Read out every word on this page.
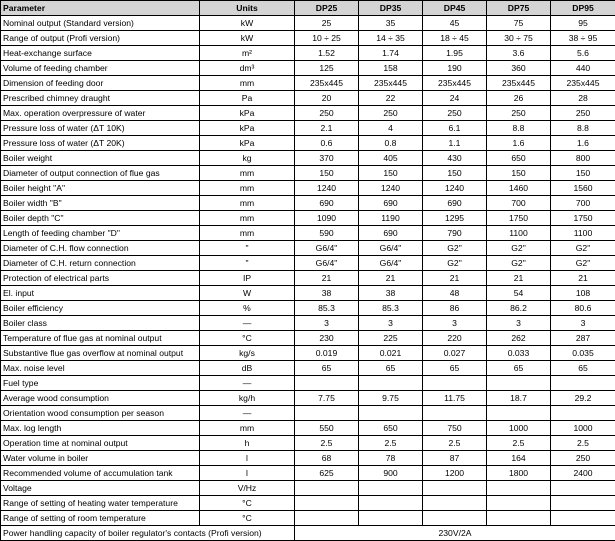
Parameter	Units	DP25	DP35	DP45	DP75	DP95
Nominal output (Standard version)	kW	25	35	45	75	95
Range of output (Profi version)	kW	10 ÷ 25	14 ÷ 35	18 ÷ 45	30 ÷ 75	38 ÷ 95
Heat-exchange surface	m²	1.52	1.74	1.95	3.6	5.6
Volume of feeding chamber	dm³	125	158	190	360	440
Dimension of feeding door	mm	235x445	235x445	235x445	235x445	235x445
Prescribed chimney draught	Pa	20	22	24	26	28
Max. operation overpressure of water	kPa	250	250	250	250	250
Pressure loss of water (ΔT 10K)	kPa	2.1	4	6.1	8.8	8.8
Pressure loss of water (ΔT 20K)	kPa	0.6	0.8	1.1	1.6	1.6
Boiler weight	kg	370	405	430	650	800
Diameter of output connection of flue gas	mm	150	150	150	150	150
Boiler height "A"	mm	1240	1240	1240	1460	1560
Boiler width "B"	mm	690	690	690	700	700
Boiler depth "C"	mm	1090	1190	1295	1750	1750
Length of feeding chamber "D"	mm	590	690	790	1100	1100
Diameter of C.H. flow connection	"	G6/4"	G6/4"	G2"	G2"	G2"
Diameter of C.H. return connection	"	G6/4"	G6/4"	G2"	G2"	G2"
Protection of electrical parts	IP	21	21	21	21	21
El. input	W	38	38	48	54	108
Boiler efficiency	%	85.3	85.3	86	86.2	80.6
Boiler class	—	3	3	3	3	3
Temperature of flue gas at nominal output	°C	230	225	220	262	287
Substantive flue gas overflow at nominal output	kg/s	0.019	0.021	0.027	0.033	0.035
Max. noise level	dB	65	65	65	65	65
Fuel type	—					
Average wood consumption	kg/h	7.75	9.75	11.75	18.7	29.2
Orientation wood consumption per season	—					
Max. log length	mm	550	650	750	1000	1000
Operation time at nominal output	h	2.5	2.5	2.5	2.5	2.5
Water volume in boiler	l	68	78	87	164	250
Recommended volume of accumulation tank	l	625	900	1200	1800	2400
Voltage	V/Hz					
Range of setting of heating water temperature	°C					
Range of setting of room temperature	°C					
Power handling capacity of boiler regulator's contacts (Profi version)		230V/2A				
